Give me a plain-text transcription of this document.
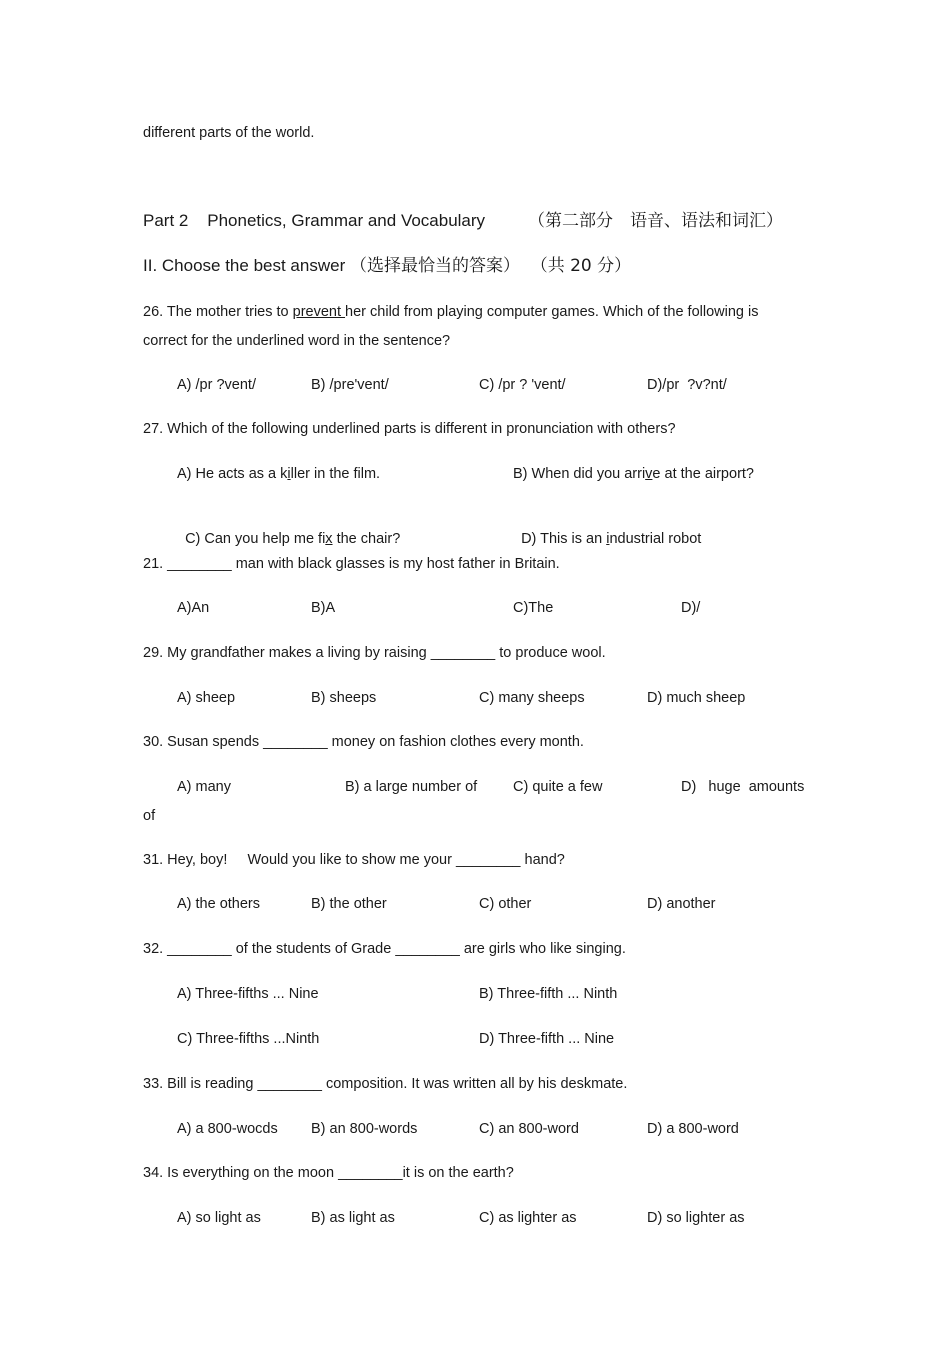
different parts of the world.
Part 2    Phonetics, Grammar and Vocabulary	（第二部分　语音、语法和词汇）
II. Choose the best answer （选择最恰当的答案） （共 20 分）
26. The mother tries to prevent her child from playing computer games. Which of the following is
correct for the underlined word in the sentence?
A) /pr ?vent/	B) /pre'vent/	C) /pr ? 'vent/	D)/pr  ?v?nt/
27. Which of the following underlined parts is different in pronunciation with others?
A) He acts as a killer in the film.	B) When did you arrive at the airport?

C) Can you help me fix the chair?	D) This is an industrial robot

21. ________ man with black glasses is my host father in Britain.
A)An	B)A	C)The	D)/
29. My grandfather makes a living by raising ________ to produce wool.
A) sheep	B) sheeps	C) many sheeps	D) much sheep
30. Susan spends ________ money on fashion clothes every month.
A) many	B) a large number of C) quite a few	D)   huge  amounts
of
31. Hey, boy!     Would you like to show me your ________ hand?
A) the others	B) the other	C) other	D) another
32. ________ of the students of Grade ________ are girls who like singing.
A) Three-fifths ... Nine	B) Three-fifth ... Ninth
C) Three-fifths ...Ninth	D) Three-fifth ... Nine
33. Bill is reading ________ composition. It was written all by his deskmate.
A) a 800-wocds B) an 800-words	C) an 800-word	D) a 800-word
34. Is everything on the moon ________it is on the earth?
A) so light as	B) as light as	C) as lighter as	D) so lighter as
